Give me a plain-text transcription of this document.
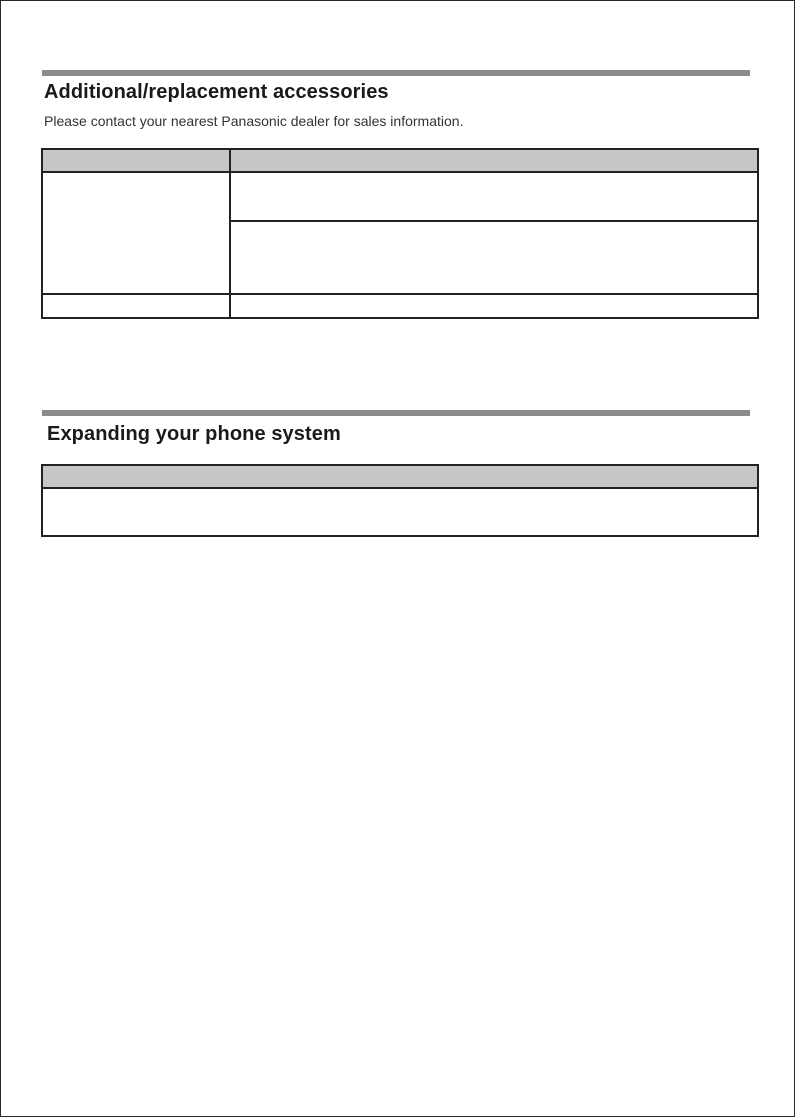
Additional/replacement accessories

Please contact your nearest Panasonic dealer for sales information.

Expanding your phone system
